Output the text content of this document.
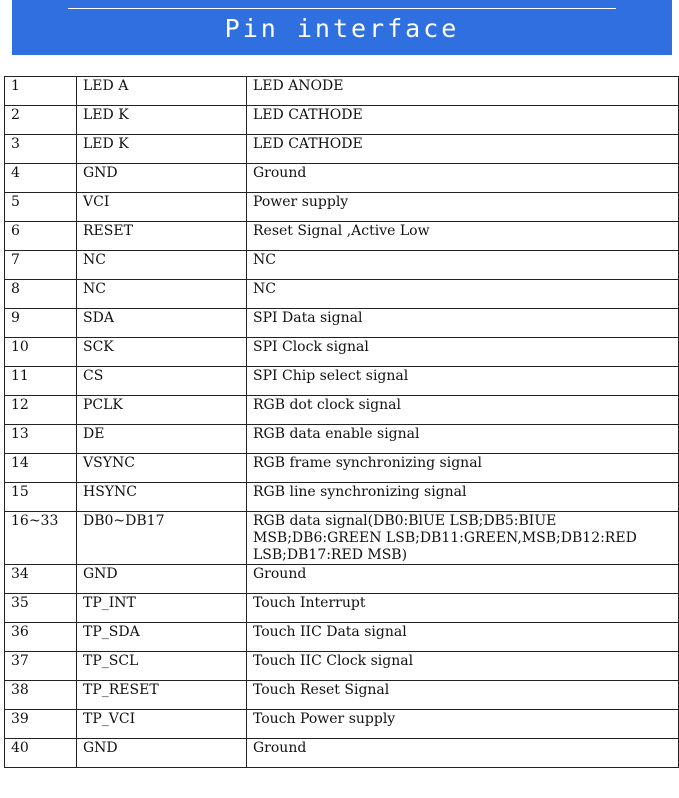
Pin interface
1	LED A	LED ANODE
2	LED K	LED CATHODE
3	LED K	LED CATHODE
4	GND	Ground
5	VCI	Power supply
6	RESET	Reset Signal ,Active Low
7	NC	NC
8	NC	NC
9	SDA	SPI Data signal
10	SCK	SPI Clock signal
11	CS	SPI Chip select signal
12	PCLK	RGB dot clock signal
13	DE	RGB data enable signal
14	VSYNC	RGB frame synchronizing signal
15	HSYNC	RGB line synchronizing signal
16~33	DB0~DB17	RGB data signal(DB0:BlUE LSB;DB5:BIUE MSB;DB6:GREEN LSB;DB11:GREEN,MSB;DB12:RED LSB;DB17:RED MSB)
34	GND	Ground
35	TP_INT	Touch Interrupt
36	TP_SDA	Touch IIC Data signal
37	TP_SCL	Touch IIC Clock signal
38	TP_RESET	Touch Reset Signal
39	TP_VCI	Touch Power supply
40	GND	Ground
